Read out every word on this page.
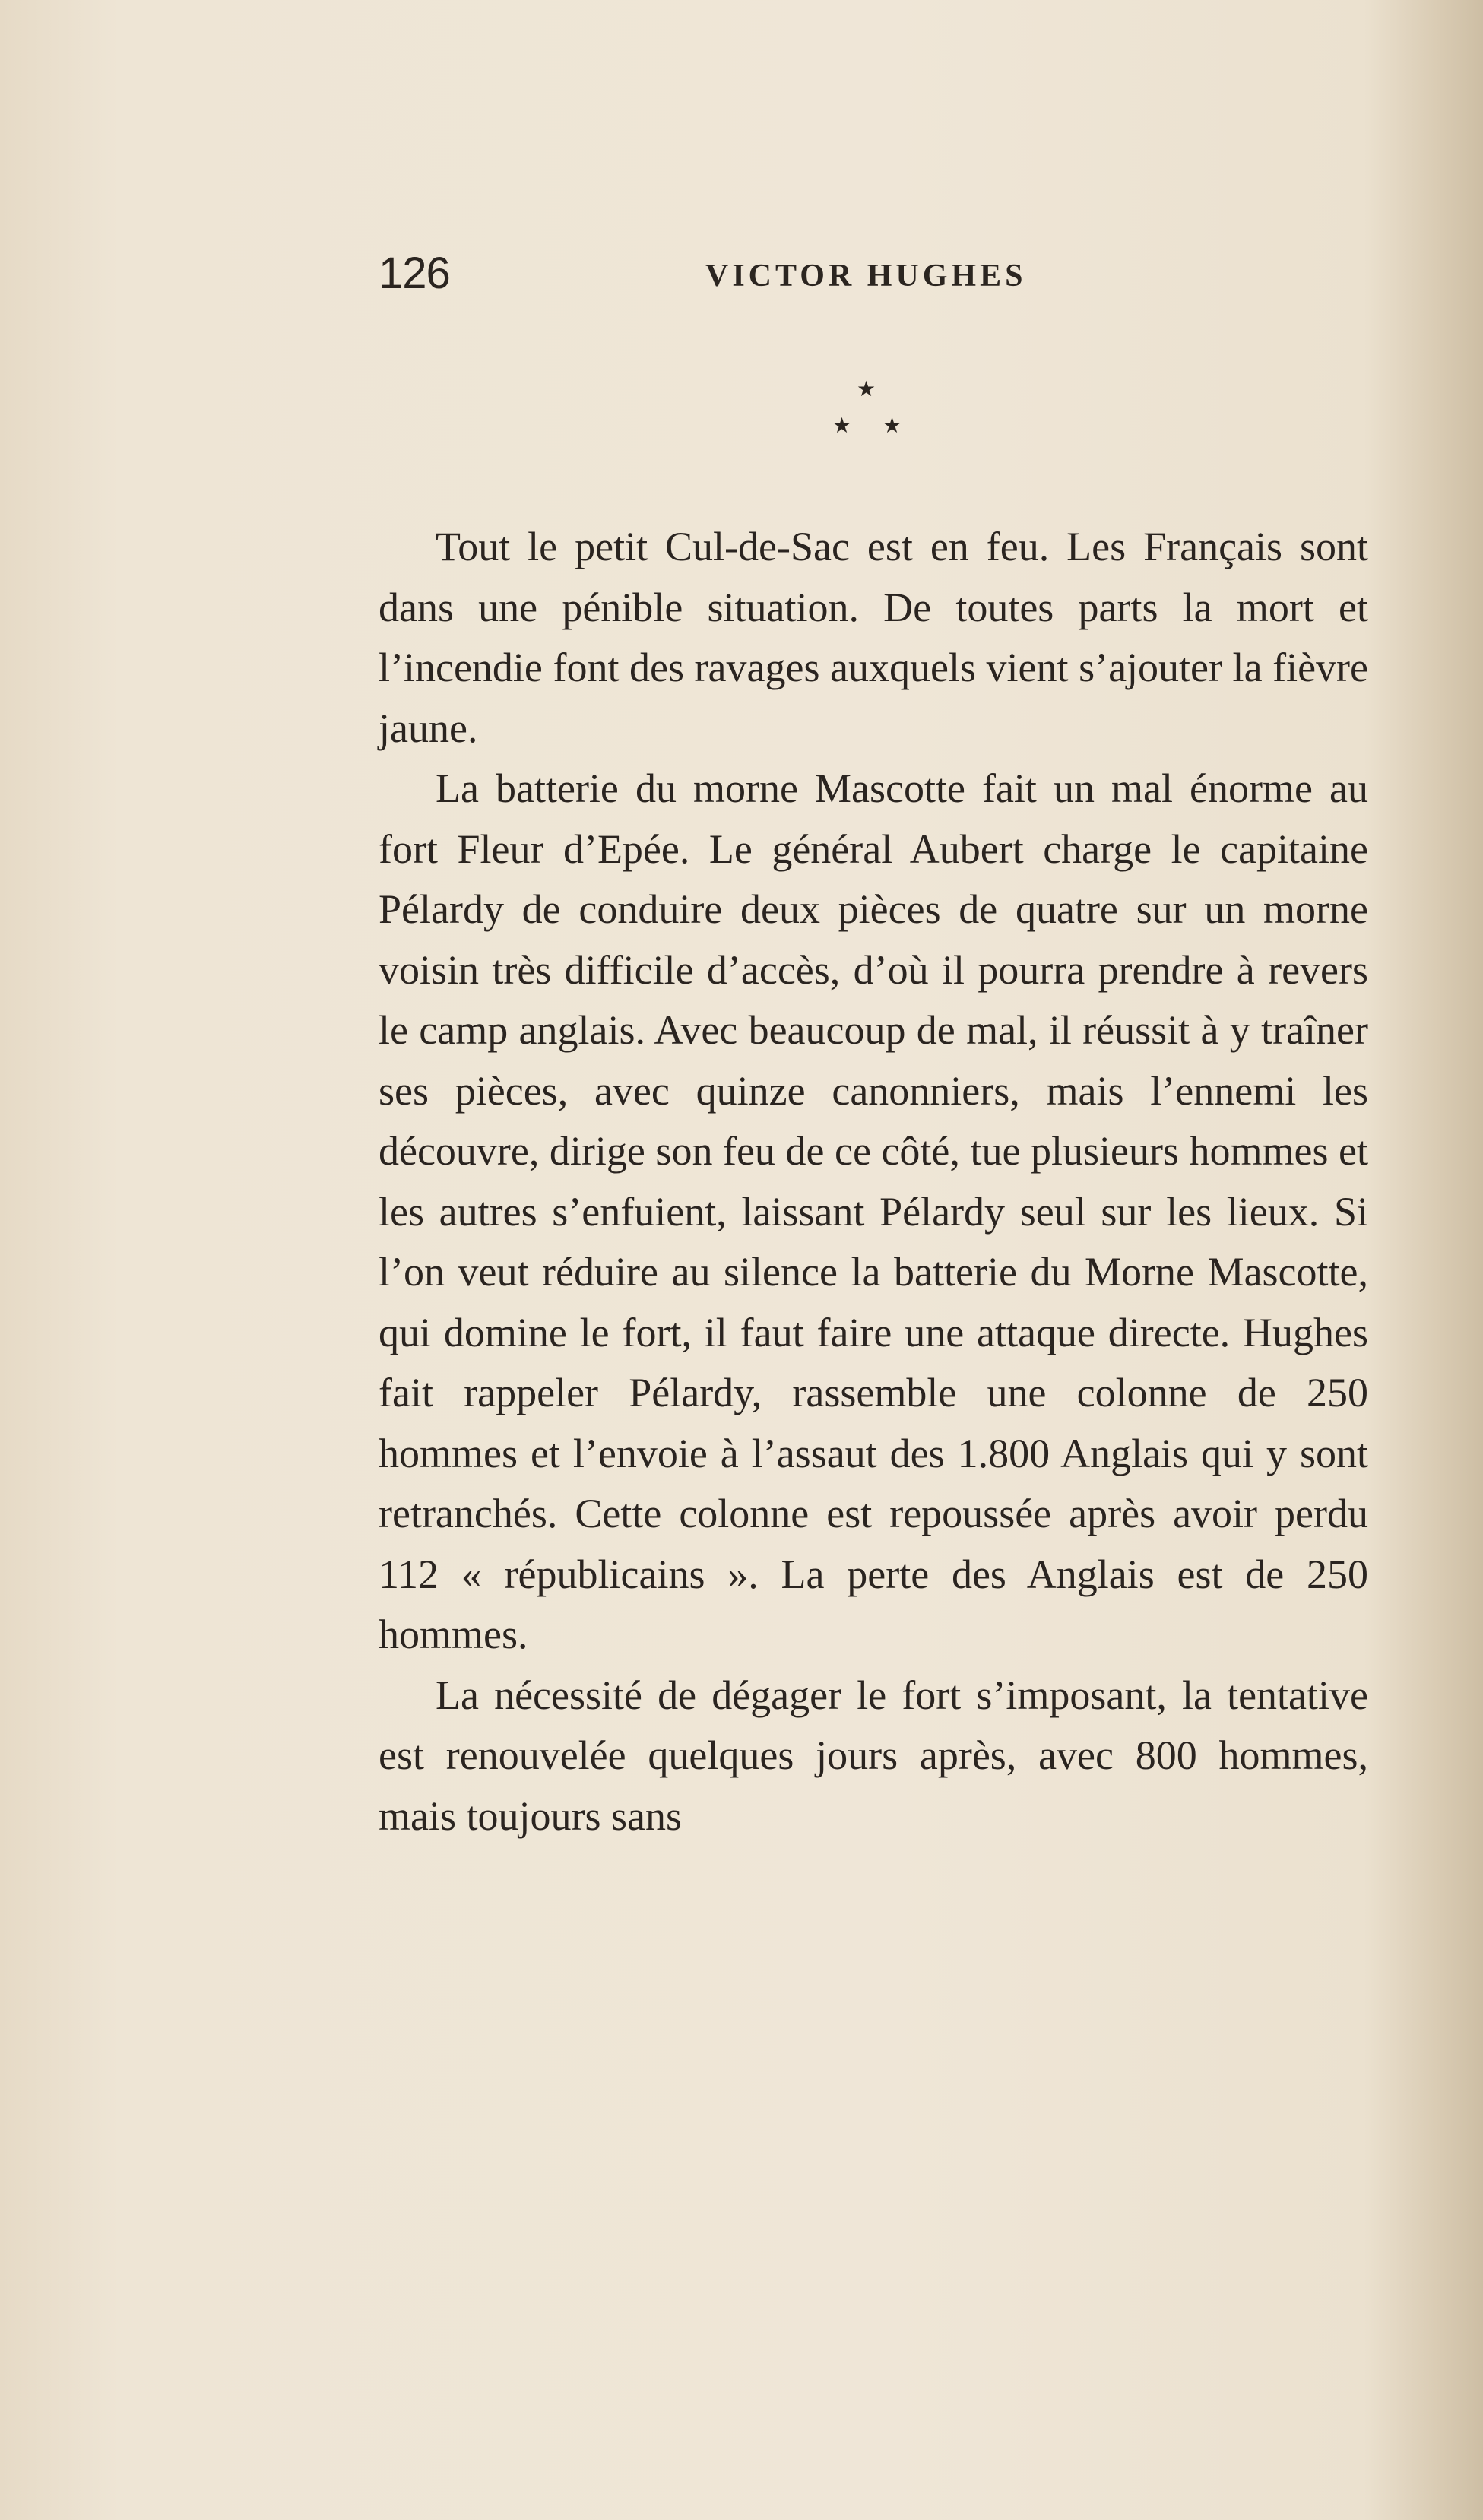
126	VICTOR HUGHES
★
★ ★

Tout le petit Cul-de-Sac est en feu. Les Français sont dans une pénible situation. De toutes parts la mort et l’incendie font des ravages auxquels vient s’ajouter la fièvre jaune.

La batterie du morne Mascotte fait un mal énorme au fort Fleur d’Epée. Le général Aubert charge le capitaine Pélardy de conduire deux pièces de quatre sur un morne voisin très difficile d’accès, d’où il pourra prendre à revers le camp anglais. Avec beaucoup de mal, il réussit à y traîner ses pièces, avec quinze canonniers, mais l’ennemi les découvre, dirige son feu de ce côté, tue plusieurs hommes et les autres s’enfuient, laissant Pélardy seul sur les lieux. Si l’on veut réduire au silence la batterie du Morne Mascotte, qui domine le fort, il faut faire une attaque directe. Hughes fait rappeler Pélardy, rassemble une colonne de 250 hommes et l’envoie à l’assaut des 1.800 Anglais qui y sont retranchés. Cette colonne est repoussée après avoir perdu 112 « républicains ». La perte des Anglais est de 250 hommes.

La nécessité de dégager le fort s’imposant, la tentative est renouvelée quelques jours après, avec 800 hommes, mais toujours sans
